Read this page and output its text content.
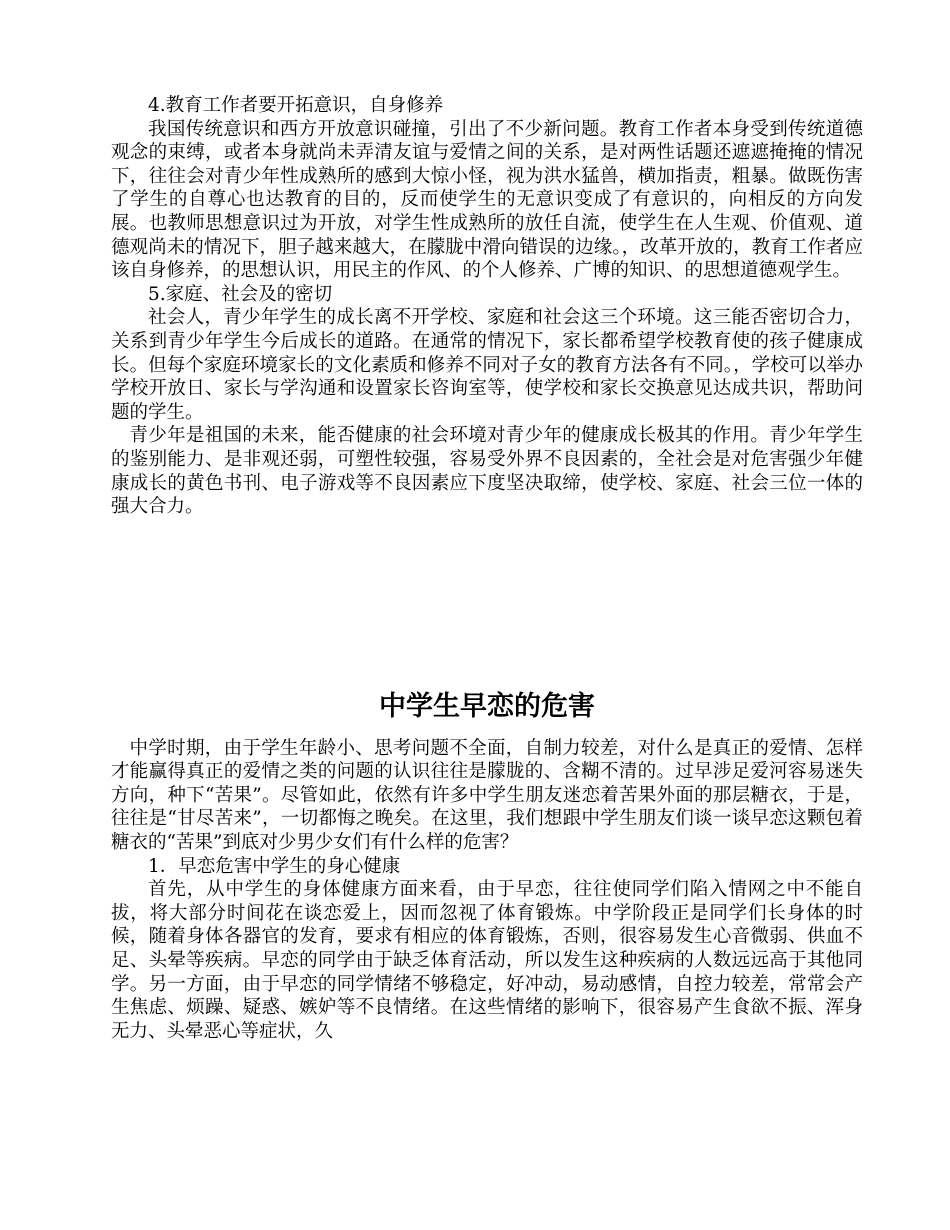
4.教育工作者要开拓意识，自身修养

我国传统意识和西方开放意识碰撞，引出了不少新问题。教育工作者本身受到传统道德观念的束缚，或者本身就尚未弄清友谊与爱情之间的关系，是对两性话题还遮遮掩掩的情况下，往往会对青少年性成熟所的感到大惊小怪，视为洪水猛兽，横加指责，粗暴。做既伤害了学生的自尊心也达教育的目的，反而使学生的无意识变成了有意识的，向相反的方向发展。也教师思想意识过为开放，对学生性成熟所的放任自流，使学生在人生观、价值观、道德观尚未的情况下，胆子越来越大，在朦胧中滑向错误的边缘。，改革开放的，教育工作者应该自身修养，的思想认识，用民主的作风、的个人修养、广博的知识、的思想道德观学生。

5.家庭、社会及的密切

社会人，青少年学生的成长离不开学校、家庭和社会这三个环境。这三能否密切合力，关系到青少年学生今后成长的道路。在通常的情况下，家长都希望学校教育使的孩子健康成长。但每个家庭环境家长的文化素质和修养不同对子女的教育方法各有不同。，学校可以举办学校开放日、家长与学沟通和设置家长咨询室等，使学校和家长交换意见达成共识，帮助问题的学生。

青少年是祖国的未来，能否健康的社会环境对青少年的健康成长极其的作用。青少年学生的鉴别能力、是非观还弱，可塑性较强，容易受外界不良因素的，全社会是对危害强少年健康成长的黄色书刊、电子游戏等不良因素应下度坚决取缔，使学校、家庭、社会三位一体的强大合力。

中学生早恋的危害

中学时期，由于学生年龄小、思考问题不全面，自制力较差，对什么是真正的爱情、怎样才能赢得真正的爱情之类的问题的认识往往是朦胧的、含糊不清的。过早涉足爱河容易迷失方向，种下“苦果”。尽管如此，依然有许多中学生朋友迷恋着苦果外面的那层糖衣，于是，往往是“甘尽苦来”，一切都悔之晚矣。在这里，我们想跟中学生朋友们谈一谈早恋这颗包着糖衣的“苦果”到底对少男少女们有什么样的危害？

1．早恋危害中学生的身心健康

首先，从中学生的身体健康方面来看，由于早恋，往往使同学们陷入情网之中不能自拔，将大部分时间花在谈恋爱上，因而忽视了体育锻炼。中学阶段正是同学们长身体的时候，随着身体各器官的发育，要求有相应的体育锻炼，否则，很容易发生心音微弱、供血不足、头晕等疾病。早恋的同学由于缺乏体育活动，所以发生这种疾病的人数远远高于其他同学。另一方面，由于早恋的同学情绪不够稳定，好冲动，易动感情，自控力较差，常常会产生焦虑、烦躁、疑惑、嫉妒等不良情绪。在这些情绪的影响下，很容易产生食欲不振、浑身无力、头晕恶心等症状，久
